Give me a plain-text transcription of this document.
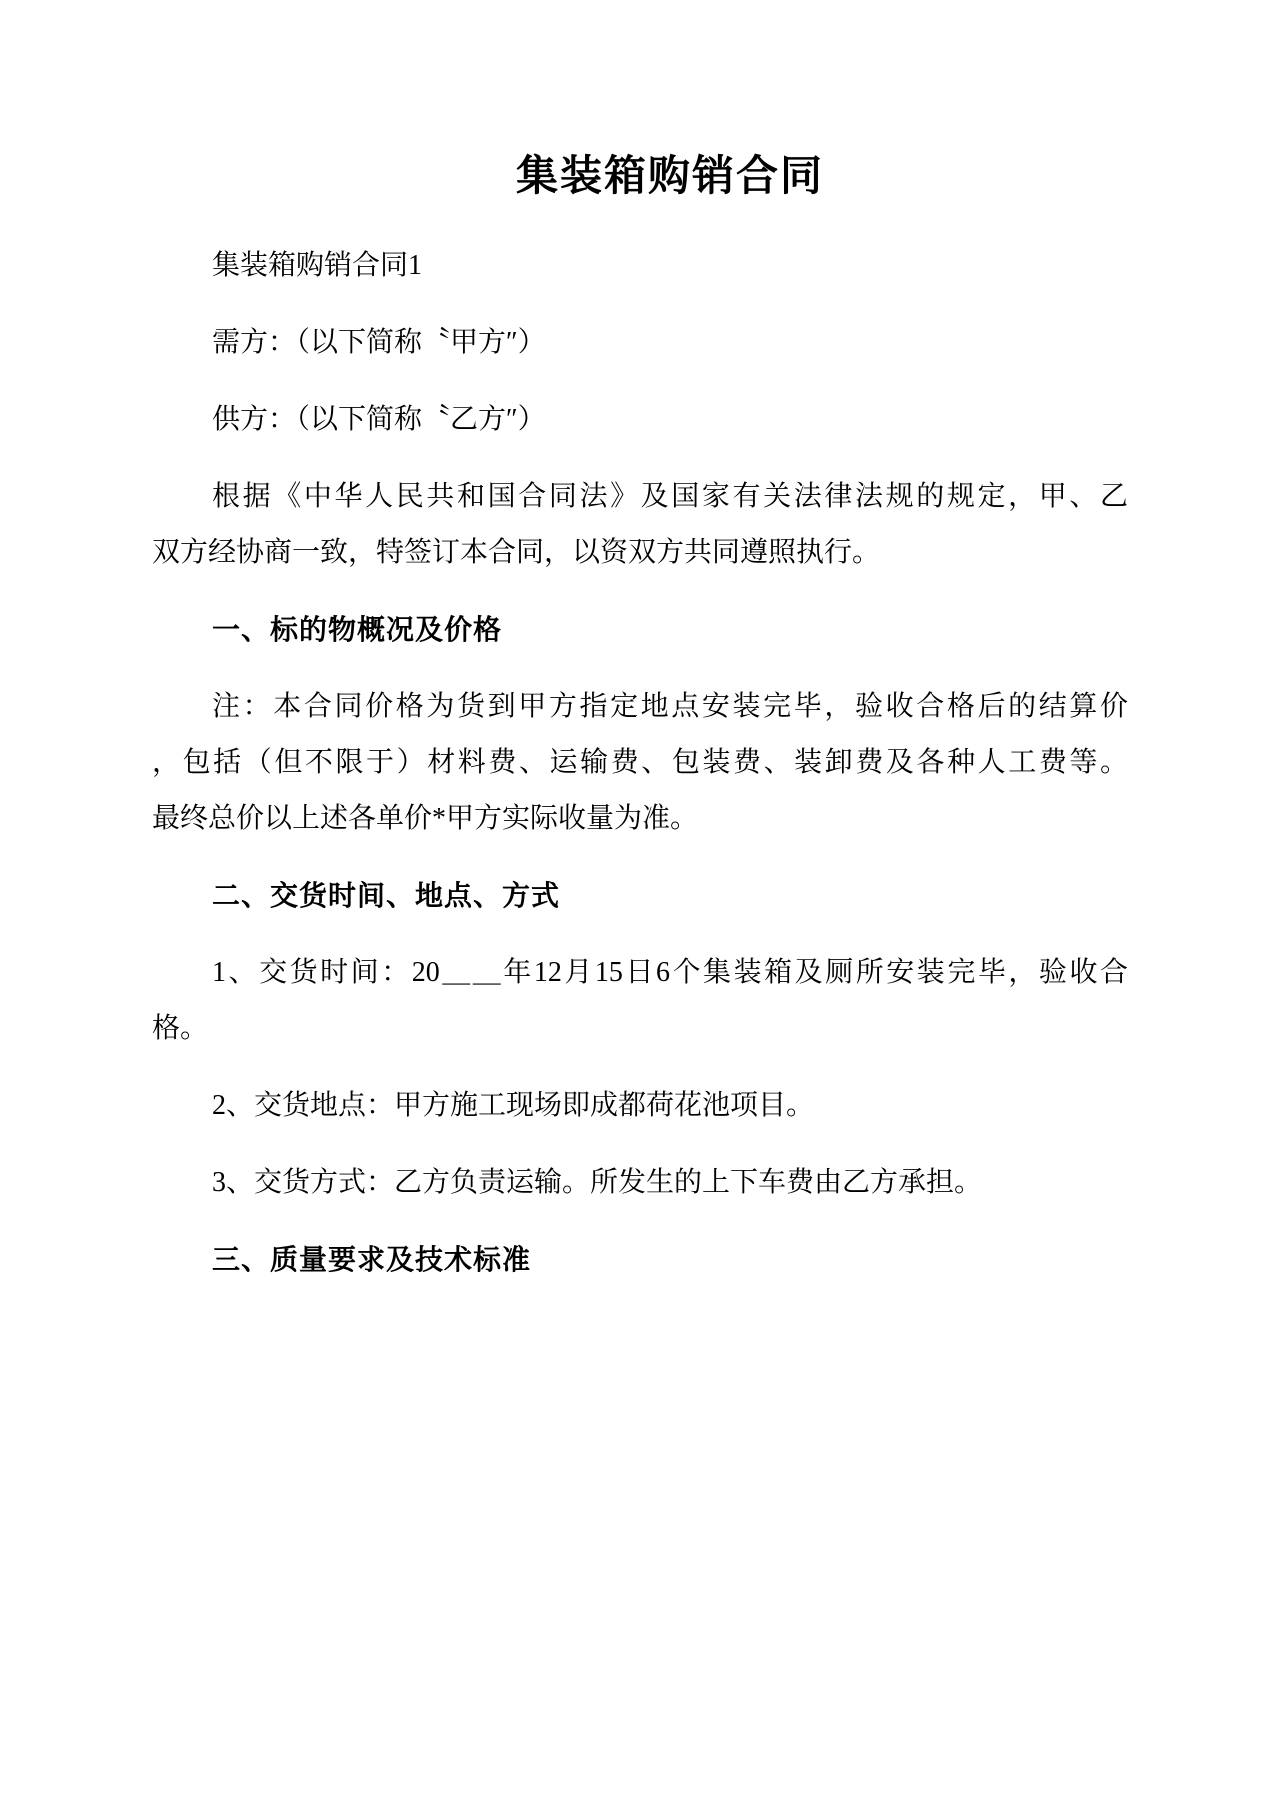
集装箱购销合同
集装箱购销合同1
需方：（以下简称〝甲方″）
供方：（以下简称〝乙方″）
根据《中华人民共和国合同法》及国家有关法律法规的规定，甲、乙
双方经协商一致，特签订本合同，以资双方共同遵照执行。
一、标的物概况及价格
注：本合同价格为货到甲方指定地点安装完毕，验收合格后的结算价
，包括（但不限于）材料费、运输费、包装费、装卸费及各种人工费等。
最终总价以上述各单价*甲方实际收量为准。
二、交货时间、地点、方式
1、交货时间：20＿＿年12月15日6个集装箱及厕所安装完毕，验收合
格。
2、交货地点：甲方施工现场即成都荷花池项目。
3、交货方式：乙方负责运输。所发生的上下车费由乙方承担。
三、质量要求及技术标准
